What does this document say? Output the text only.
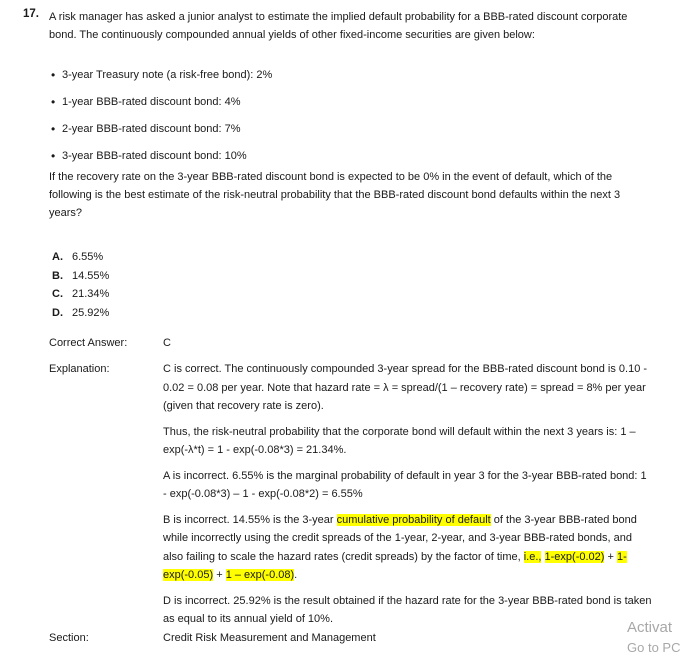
17. A risk manager has asked a junior analyst to estimate the implied default probability for a BBB-rated discount corporate bond. The continuously compounded annual yields of other fixed-income securities are given below:
• 3-year Treasury note (a risk-free bond): 2%
• 1-year BBB-rated discount bond: 4%
• 2-year BBB-rated discount bond: 7%
• 3-year BBB-rated discount bond: 10%
If the recovery rate on the 3-year BBB-rated discount bond is expected to be 0% in the event of default, which of the following is the best estimate of the risk-neutral probability that the BBB-rated discount bond defaults within the next 3 years?
A. 6.55%
B. 14.55%
C. 21.34%
D. 25.92%
Correct Answer:	C
Explanation:	C is correct. The continuously compounded 3-year spread for the BBB-rated discount bond is 0.10 - 0.02 = 0.08 per year. Note that hazard rate = λ = spread/(1 – recovery rate) = spread = 8% per year (given that recovery rate is zero).

Thus, the risk-neutral probability that the corporate bond will default within the next 3 years is: 1 – exp(-λ*t) = 1 - exp(-0.08*3) = 21.34%.

A is incorrect. 6.55% is the marginal probability of default in year 3 for the 3-year BBB-rated bond: 1 - exp(-0.08*3) – 1 - exp(-0.08*2) = 6.55%

B is incorrect. 14.55% is the 3-year cumulative probability of default of the 3-year BBB-rated bond while incorrectly using the credit spreads of the 1-year, 2-year, and 3-year BBB-rated bonds, and also failing to scale the hazard rates (credit spreads) by the factor of time, i.e., 1-exp(-0.02) + 1-exp(-0.05) + 1 – exp(-0.08).

D is incorrect. 25.92% is the result obtained if the hazard rate for the 3-year BBB-rated bond is taken as equal to its annual yield of 10%.

Section:	Credit Risk Measurement and Management
Activat
Go to PC
